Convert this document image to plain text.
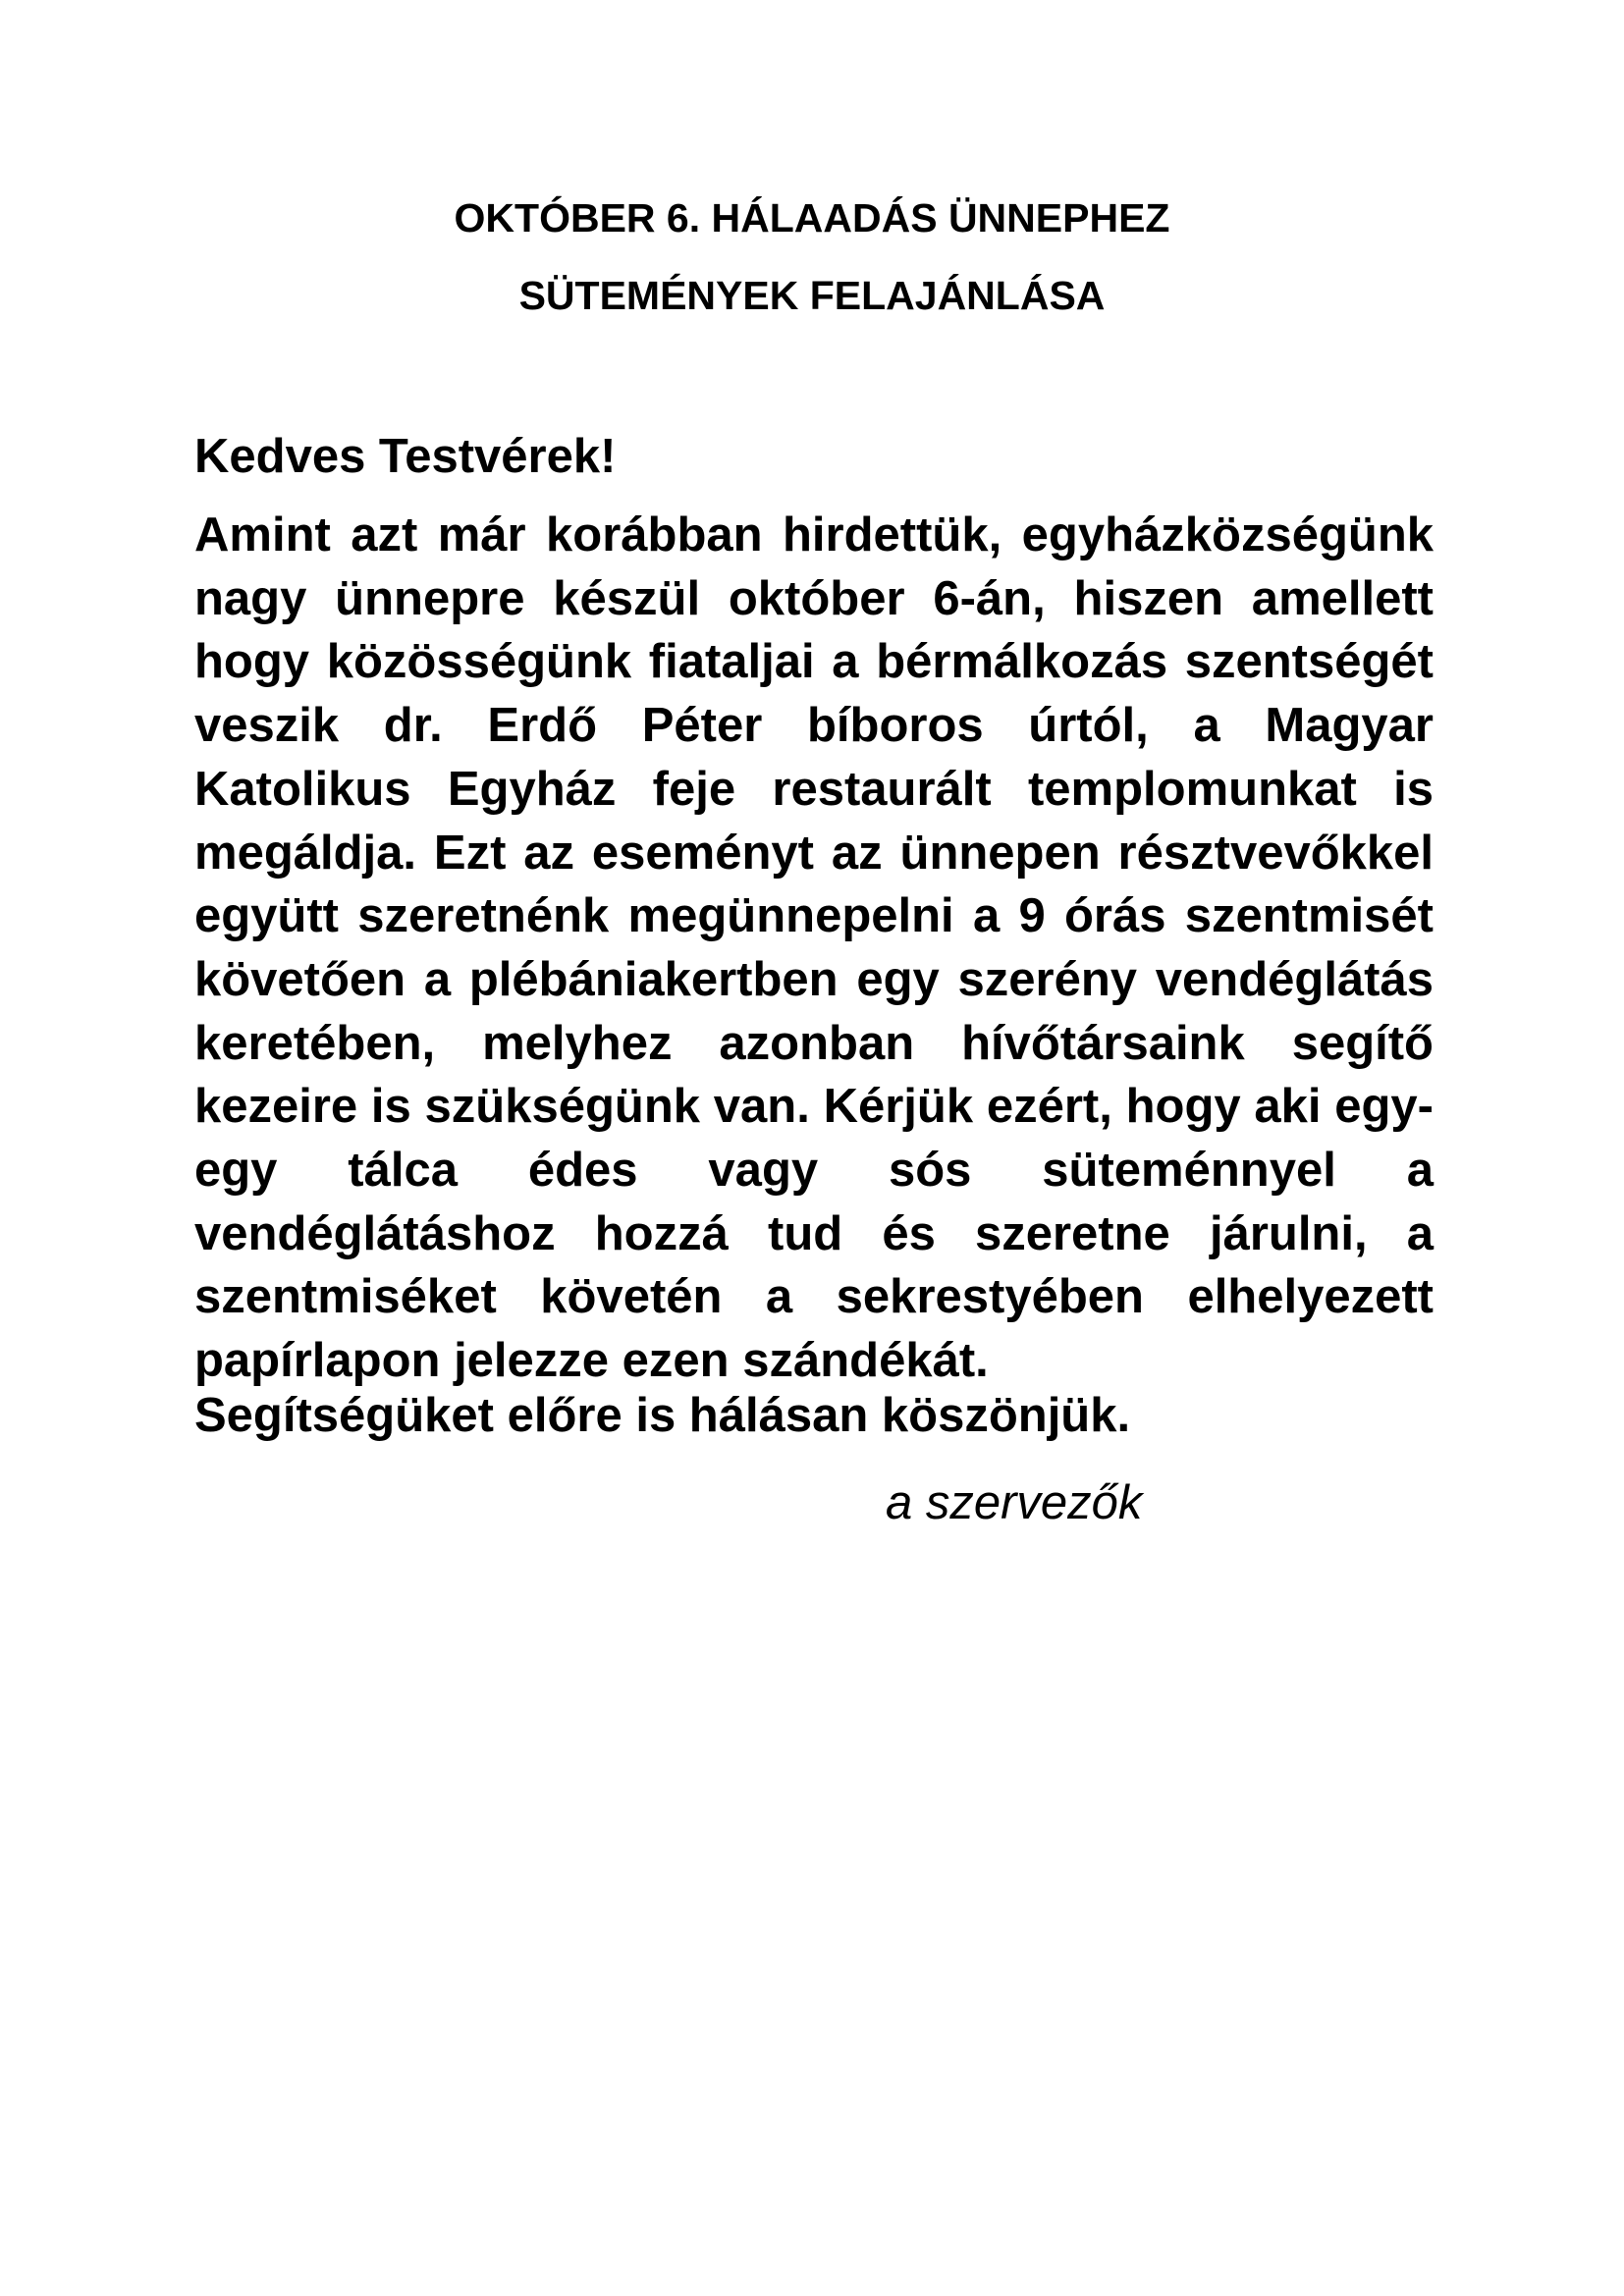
OKTÓBER 6. HÁLAADÁS ÜNNEPHEZ
SÜTEMÉNYEK FELAJÁNLÁSA

Kedves Testvérek!

Amint azt már korábban hirdettük, egyházközségünk nagy ünnepre készül október 6-án, hiszen amellett hogy közösségünk fiataljai a bérmálkozás szentségét veszik dr. Erdő Péter bíboros úrtól, a Magyar Katolikus Egyház feje restaurált templomunkat is megáldja. Ezt az eseményt az ünnepen résztvevőkkel együtt szeretnénk megünnepelni a 9 órás szentmisét követően a plébániakertben egy szerény vendéglátás keretében, melyhez azonban hívőtársaink segítő kezeire is szükségünk van. Kérjük ezért, hogy aki egy-egy tálca édes vagy sós süteménnyel a vendéglátáshoz hozzá tud és szeretne járulni, a szentmiséket követén a sekrestyében elhelyezett papírlapon jelezze ezen szándékát.

Segítségüket előre is hálásan köszönjük.

a szervezők
